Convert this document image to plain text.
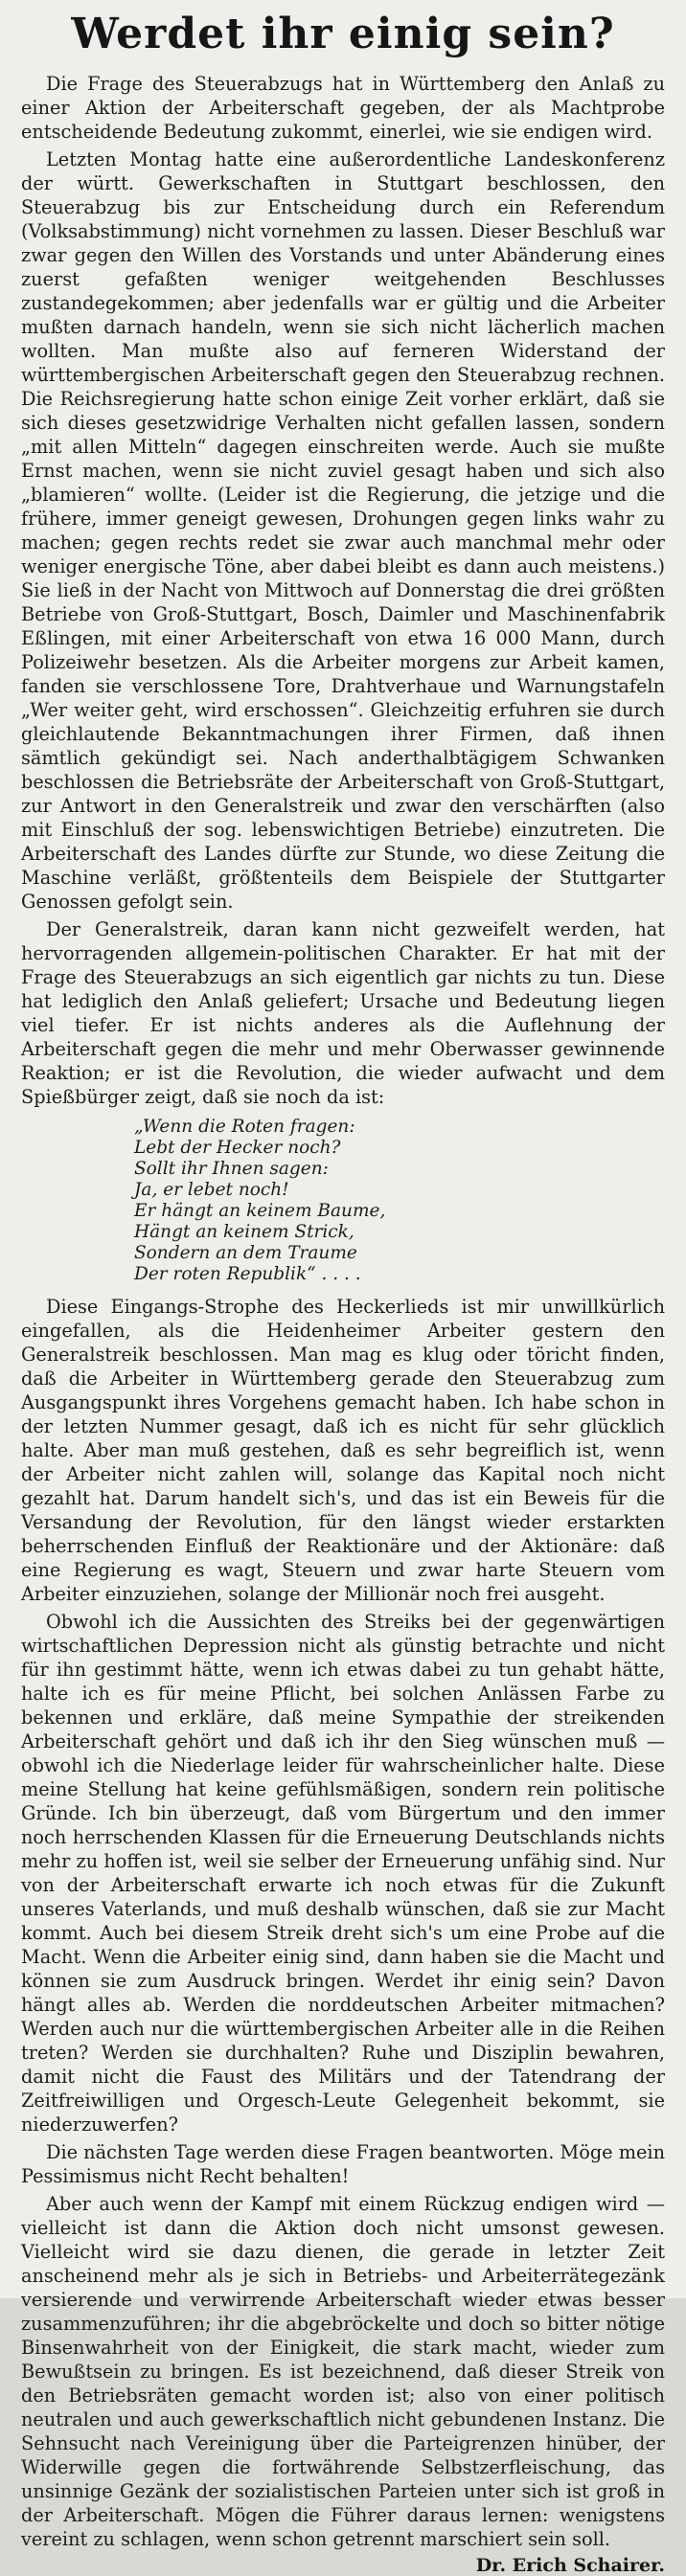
Werdet ihr einig sein?

Die Frage des Steuerabzugs hat in Württemberg den Anlaß zu einer Aktion der Arbeiterschaft gegeben, der als Machtprobe entscheidende Bedeutung zukommt, einerlei, wie sie endigen wird.

Letzten Montag hatte eine außerordentliche Landeskonferenz der württ. Gewerkschaften in Stuttgart beschlossen, den Steuerabzug bis zur Entscheidung durch ein Referendum (Volksabstimmung) nicht vornehmen zu lassen. Dieser Beschluß war zwar gegen den Willen des Vorstands und unter Abänderung eines zuerst gefaßten weniger weitgehenden Beschlusses zustandegekommen; aber jedenfalls war er gültig und die Arbeiter mußten darnach handeln, wenn sie sich nicht lächerlich machen wollten. Man mußte also auf ferneren Widerstand der württembergischen Arbeiterschaft gegen den Steuerabzug rechnen. Die Reichsregierung hatte schon einige Zeit vorher erklärt, daß sie sich dieses gesetzwidrige Verhalten nicht gefallen lassen, sondern „mit allen Mitteln“ dagegen einschreiten werde. Auch sie mußte Ernst machen, wenn sie nicht zuviel gesagt haben und sich also „blamieren“ wollte. (Leider ist die Regierung, die jetzige und die frühere, immer geneigt gewesen, Drohungen gegen links wahr zu machen; gegen rechts redet sie zwar auch manchmal mehr oder weniger energische Töne, aber dabei bleibt es dann auch meistens.) Sie ließ in der Nacht von Mittwoch auf Donnerstag die drei größten Betriebe von Groß-Stuttgart, Bosch, Daimler und Maschinenfabrik Eßlingen, mit einer Arbeiterschaft von etwa 16 000 Mann, durch Polizeiwehr besetzen. Als die Arbeiter morgens zur Arbeit kamen, fanden sie verschlossene Tore, Drahtverhaue und Warnungstafeln „Wer weiter geht, wird erschossen“. Gleichzeitig erfuhren sie durch gleichlautende Bekanntmachungen ihrer Firmen, daß ihnen sämtlich gekündigt sei. Nach anderthalbtägigem Schwanken beschlossen die Betriebsräte der Arbeiterschaft von Groß-Stuttgart, zur Antwort in den Generalstreik und zwar den verschärften (also mit Einschluß der sog. lebenswichtigen Betriebe) einzutreten. Die Arbeiterschaft des Landes dürfte zur Stunde, wo diese Zeitung die Maschine verläßt, größtenteils dem Beispiele der Stuttgarter Genossen gefolgt sein.

Der Generalstreik, daran kann nicht gezweifelt werden, hat hervorragenden allgemein-politischen Charakter. Er hat mit der Frage des Steuerabzugs an sich eigentlich gar nichts zu tun. Diese hat lediglich den Anlaß geliefert; Ursache und Bedeutung liegen viel tiefer. Er ist nichts anderes als die Auflehnung der Arbeiterschaft gegen die mehr und mehr Oberwasser gewinnende Reaktion; er ist die Revolution, die wieder aufwacht und dem Spießbürger zeigt, daß sie noch da ist:

„Wenn die Roten fragen:
Lebt der Hecker noch?
Sollt ihr Ihnen sagen:
Ja, er lebet noch!
Er hängt an keinem Baume,
Hängt an keinem Strick,
Sondern an dem Traume
Der roten Republik“ . . . .

Diese Eingangs-Strophe des Heckerlieds ist mir unwillkürlich eingefallen, als die Heidenheimer Arbeiter gestern den Generalstreik beschlossen. Man mag es klug oder töricht finden, daß die Arbeiter in Württemberg gerade den Steuerabzug zum Ausgangspunkt ihres Vorgehens gemacht haben. Ich habe schon in der letzten Nummer gesagt, daß ich es nicht für sehr glücklich halte. Aber man muß gestehen, daß es sehr begreiflich ist, wenn der Arbeiter nicht zahlen will, solange das Kapital noch nicht gezahlt hat. Darum handelt sich's, und das ist ein Beweis für die Versandung der Revolution, für den längst wieder erstarkten beherrschenden Einfluß der Reaktionäre und der Aktionäre: daß eine Regierung es wagt, Steuern und zwar harte Steuern vom Arbeiter einzuziehen, solange der Millionär noch frei ausgeht.

Obwohl ich die Aussichten des Streiks bei der gegenwärtigen wirtschaftlichen Depression nicht als günstig betrachte und nicht für ihn gestimmt hätte, wenn ich etwas dabei zu tun gehabt hätte, halte ich es für meine Pflicht, bei solchen Anlässen Farbe zu bekennen und erkläre, daß meine Sympathie der streikenden Arbeiterschaft gehört und daß ich ihr den Sieg wünschen muß — obwohl ich die Niederlage leider für wahrscheinlicher halte. Diese meine Stellung hat keine gefühlsmäßigen, sondern rein politische Gründe. Ich bin überzeugt, daß vom Bürgertum und den immer noch herrschenden Klassen für die Erneuerung Deutschlands nichts mehr zu hoffen ist, weil sie selber der Erneuerung unfähig sind. Nur von der Arbeiterschaft erwarte ich noch etwas für die Zukunft unseres Vaterlands, und muß deshalb wünschen, daß sie zur Macht kommt. Auch bei diesem Streik dreht sich's um eine Probe auf die Macht. Wenn die Arbeiter einig sind, dann haben sie die Macht und können sie zum Ausdruck bringen. Werdet ihr einig sein? Davon hängt alles ab. Werden die norddeutschen Arbeiter mitmachen? Werden auch nur die württembergischen Arbeiter alle in die Reihen treten? Werden sie durchhalten? Ruhe und Disziplin bewahren, damit nicht die Faust des Militärs und der Tatendrang der Zeitfreiwilligen und Orgesch-Leute Gelegenheit bekommt, sie niederzuwerfen?

Die nächsten Tage werden diese Fragen beantworten. Möge mein Pessimismus nicht Recht behalten!

Aber auch wenn der Kampf mit einem Rückzug endigen wird — vielleicht ist dann die Aktion doch nicht umsonst gewesen. Vielleicht wird sie dazu dienen, die gerade in letzter Zeit anscheinend mehr als je sich in Betriebs- und Arbeiterrätegezänk versierende und verwirrende Arbeiterschaft wieder etwas besser zusammenzuführen; ihr die abgebröckelte und doch so bitter nötige Binsenwahrheit von der Einigkeit, die stark macht, wieder zum Bewußtsein zu bringen. Es ist bezeichnend, daß dieser Streik von den Betriebsräten gemacht worden ist; also von einer politisch neutralen und auch gewerkschaftlich nicht gebundenen Instanz. Die Sehnsucht nach Vereinigung über die Parteigrenzen hinüber, der Widerwille gegen die fortwährende Selbstzerfleischung, das unsinnige Gezänk der sozialistischen Parteien unter sich ist groß in der Arbeiterschaft. Mögen die Führer daraus lernen: wenigstens vereint zu schlagen, wenn schon getrennt marschiert sein soll.

Dr. Erich Schairer.
